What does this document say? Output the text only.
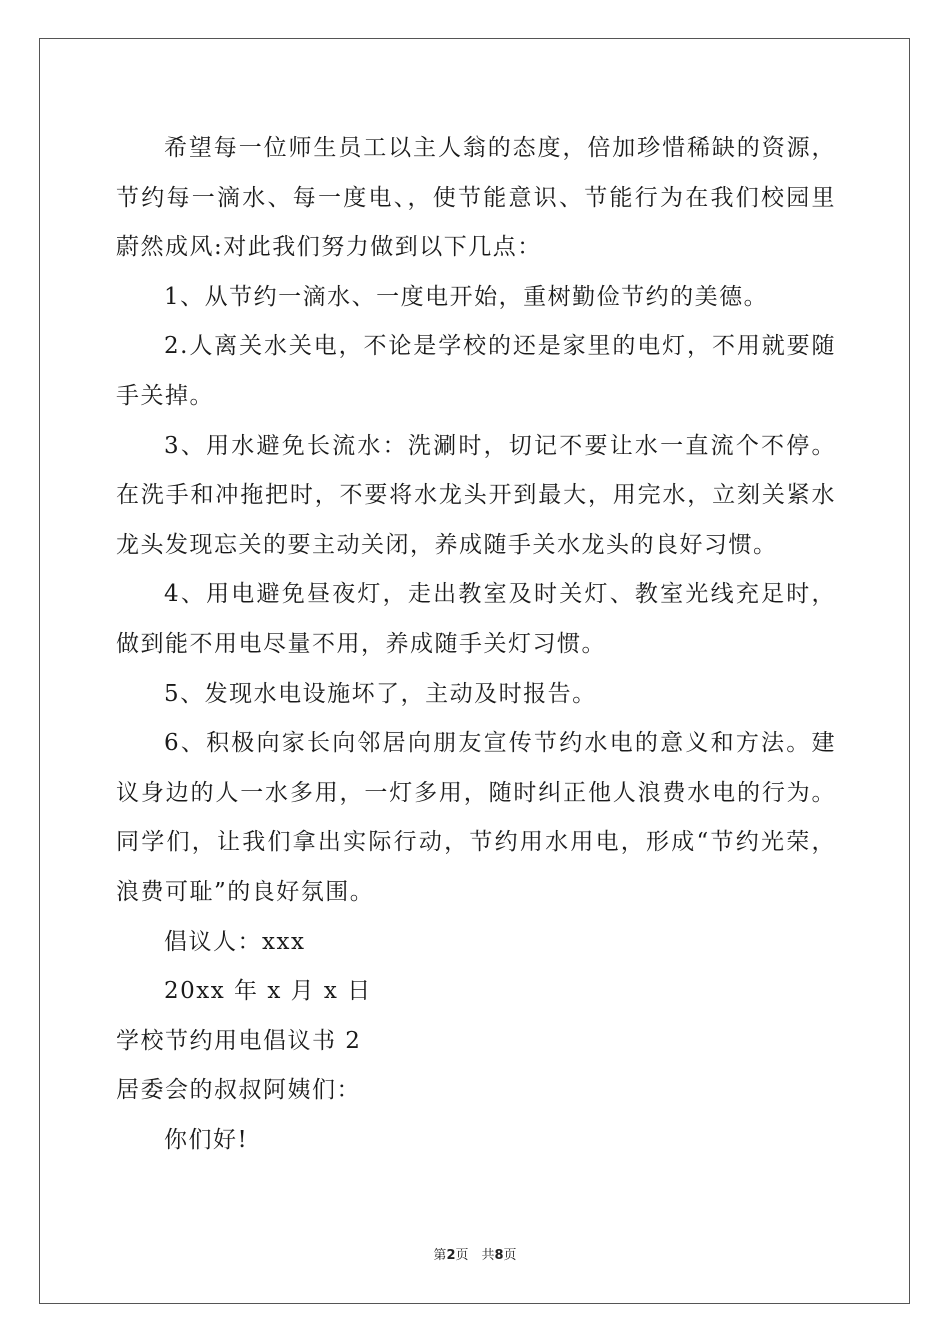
希望每一位师生员工以主人翁的态度，倍加珍惜稀缺的资源，节约每一滴水、每一度电、，使节能意识、节能行为在我们校园里蔚然成风:对此我们努力做到以下几点：

1、从节约一滴水、一度电开始，重树勤俭节约的美德。

2.人离关水关电，不论是学校的还是家里的电灯，不用就要随手关掉。

3、用水避免长流水：洗涮时，切记不要让水一直流个不停。在洗手和冲拖把时，不要将水龙头开到最大，用完水，立刻关紧水龙头发现忘关的要主动关闭，养成随手关水龙头的良好习惯。

4、用电避免昼夜灯，走出教室及时关灯、教室光线充足时，做到能不用电尽量不用，养成随手关灯习惯。

5、发现水电设施坏了，主动及时报告。

6、积极向家长向邻居向朋友宣传节约水电的意义和方法。建议身边的人一水多用，一灯多用，随时纠正他人浪费水电的行为。同学们，让我们拿出实际行动，节约用水用电，形成“节约光荣，浪费可耻”的良好氛围。

倡议人：xxx

20xx 年 x 月 x 日

学校节约用电倡议书 2

居委会的叔叔阿姨们：

你们好!

第2页　共8页
